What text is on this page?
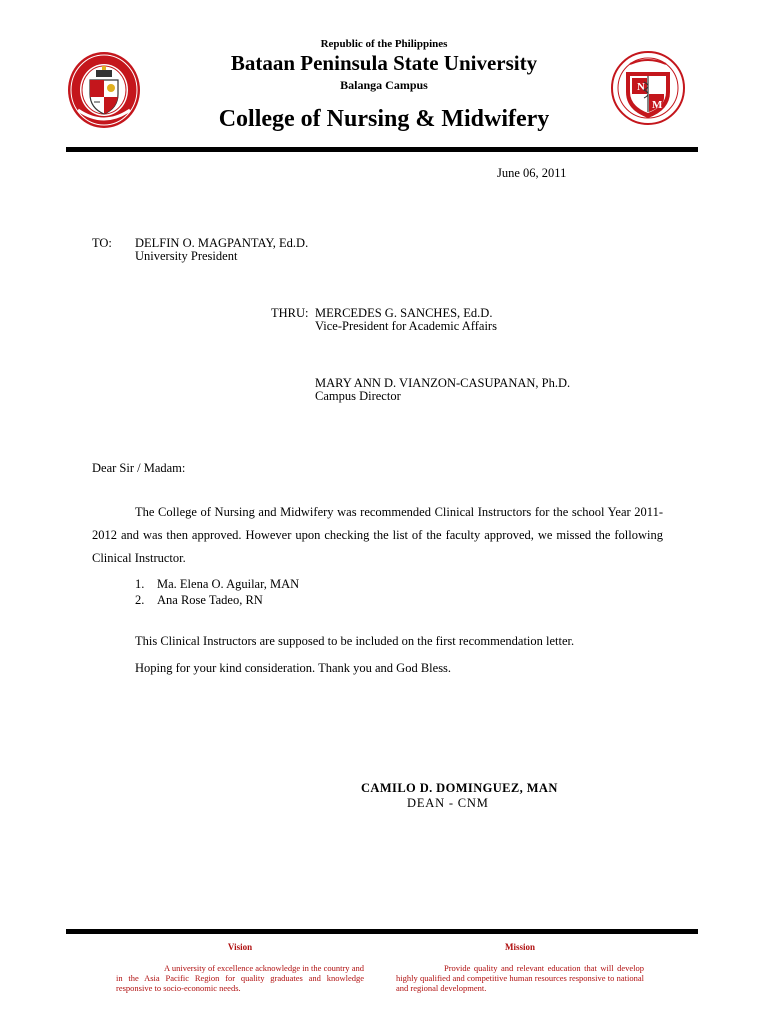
Republic of the Philippines
Bataan Peninsula State University
Balanga Campus
College of Nursing & Midwifery
N
M
June 06, 2011
TO: DELFIN O. MAGPANTAY, Ed.D.
University President
THRU: MERCEDES G. SANCHES, Ed.D.
Vice-President for Academic Affairs
MARY ANN D. VIANZON-CASUPANAN, Ph.D.
Campus Director
Dear Sir / Madam:
The College of Nursing and Midwifery was recommended Clinical Instructors for the school Year 2011-2012 and was then approved. However upon checking the list of the faculty approved, we missed the following Clinical Instructor.
1. Ma. Elena O. Aguilar, MAN
2. Ana Rose Tadeo, RN
This Clinical Instructors are supposed to be included on the first recommendation letter.
Hoping for your kind consideration. Thank you and God Bless.
CAMILO D. DOMINGUEZ, MAN
DEAN - CNM
Vision	Mission
A university of excellence acknowledge in the country and in the Asia Pacific Region for quality graduates and knowledge responsive to socio-economic needs.
Provide quality and relevant education that will develop highly qualified and competitive human resources responsive to national and regional development.
